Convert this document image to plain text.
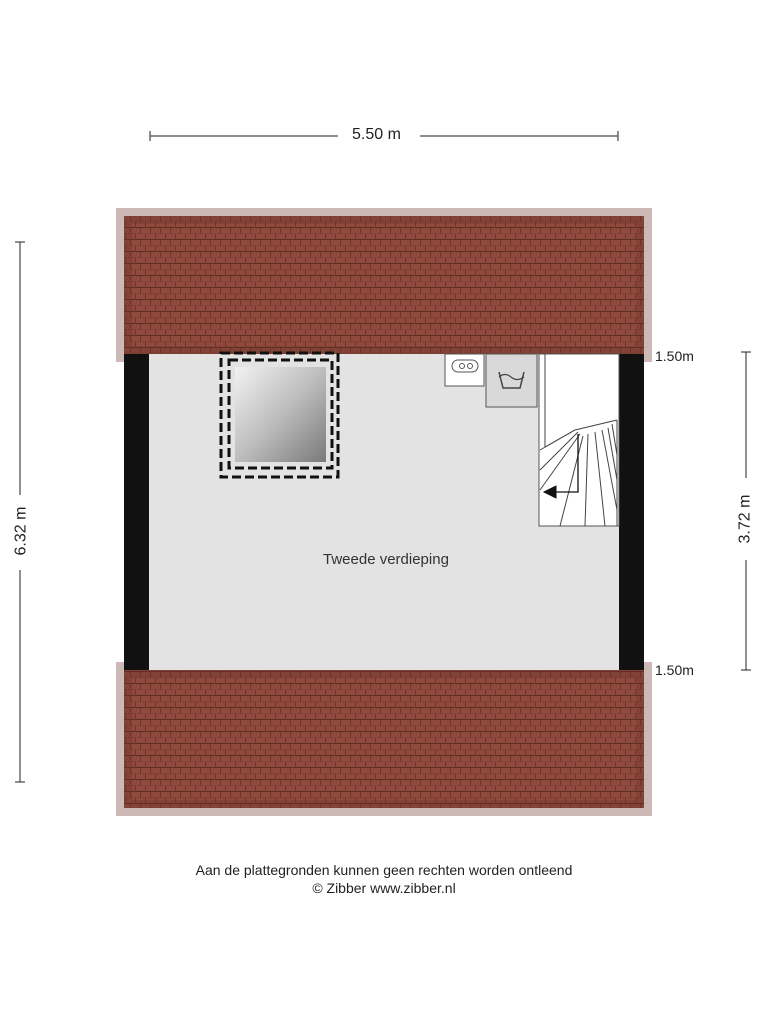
5.50 m
6.32 m	3.72 m
1.50m
1.50m
Tweede verdieping
Aan de plattegronden kunnen geen rechten worden ontleend
© Zibber www.zibber.nl
